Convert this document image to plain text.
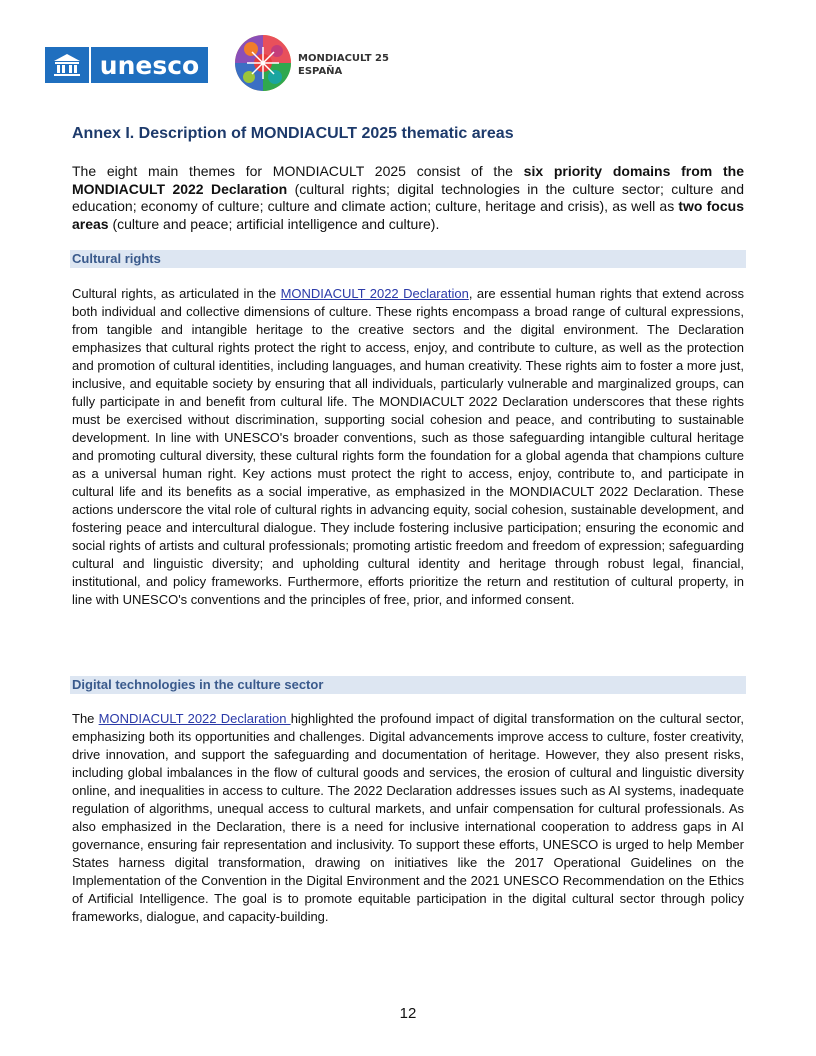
unesco	MONDIACULT 25
ESPAÑA
Annex I. Description of MONDIACULT 2025 thematic areas

The eight main themes for MONDIACULT 2025 consist of the six priority domains from the MONDIACULT 2022 Declaration (cultural rights; digital technologies in the culture sector; culture and education; economy of culture; culture and climate action; culture, heritage and crisis), as well as two focus areas (culture and peace; artificial intelligence and culture).

Cultural rights

Cultural rights, as articulated in the MONDIACULT 2022 Declaration, are essential human rights that extend across both individual and collective dimensions of culture. These rights encompass a broad range of cultural expressions, from tangible and intangible heritage to the creative sectors and the digital environment. The Declaration emphasizes that cultural rights protect the right to access, enjoy, and contribute to culture, as well as the protection and promotion of cultural identities, including languages, and human creativity. These rights aim to foster a more just, inclusive, and equitable society by ensuring that all individuals, particularly vulnerable and marginalized groups, can fully participate in and benefit from cultural life. The MONDIACULT 2022 Declaration underscores that these rights must be exercised without discrimination, supporting social cohesion and peace, and contributing to sustainable development. In line with UNESCO's broader conventions, such as those safeguarding intangible cultural heritage and promoting cultural diversity, these cultural rights form the foundation for a global agenda that champions culture as a universal human right. Key actions must protect the right to access, enjoy, contribute to, and participate in cultural life and its benefits as a social imperative, as emphasized in the MONDIACULT 2022 Declaration. These actions underscore the vital role of cultural rights in advancing equity, social cohesion, sustainable development, and fostering peace and intercultural dialogue. They include fostering inclusive participation; ensuring the economic and social rights of artists and cultural professionals; promoting artistic freedom and freedom of expression; safeguarding cultural and linguistic diversity; and upholding cultural identity and heritage through robust legal, financial, institutional, and policy frameworks. Furthermore, efforts prioritize the return and restitution of cultural property, in line with UNESCO's conventions and the principles of free, prior, and informed consent.

Digital technologies in the culture sector

The MONDIACULT 2022 Declaration highlighted the profound impact of digital transformation on the cultural sector, emphasizing both its opportunities and challenges. Digital advancements improve access to culture, foster creativity, drive innovation, and support the safeguarding and documentation of heritage. However, they also present risks, including global imbalances in the flow of cultural goods and services, the erosion of cultural and linguistic diversity online, and inequalities in access to culture. The 2022 Declaration addresses issues such as AI systems, inadequate regulation of algorithms, unequal access to cultural markets, and unfair compensation for cultural professionals. As also emphasized in the Declaration, there is a need for inclusive international cooperation to address gaps in AI governance, ensuring fair representation and inclusivity. To support these efforts, UNESCO is urged to help Member States harness digital transformation, drawing on initiatives like the 2017 Operational Guidelines on the Implementation of the Convention in the Digital Environment and the 2021 UNESCO Recommendation on the Ethics of Artificial Intelligence. The goal is to promote equitable participation in the digital cultural sector through policy frameworks, dialogue, and capacity-building.

12
